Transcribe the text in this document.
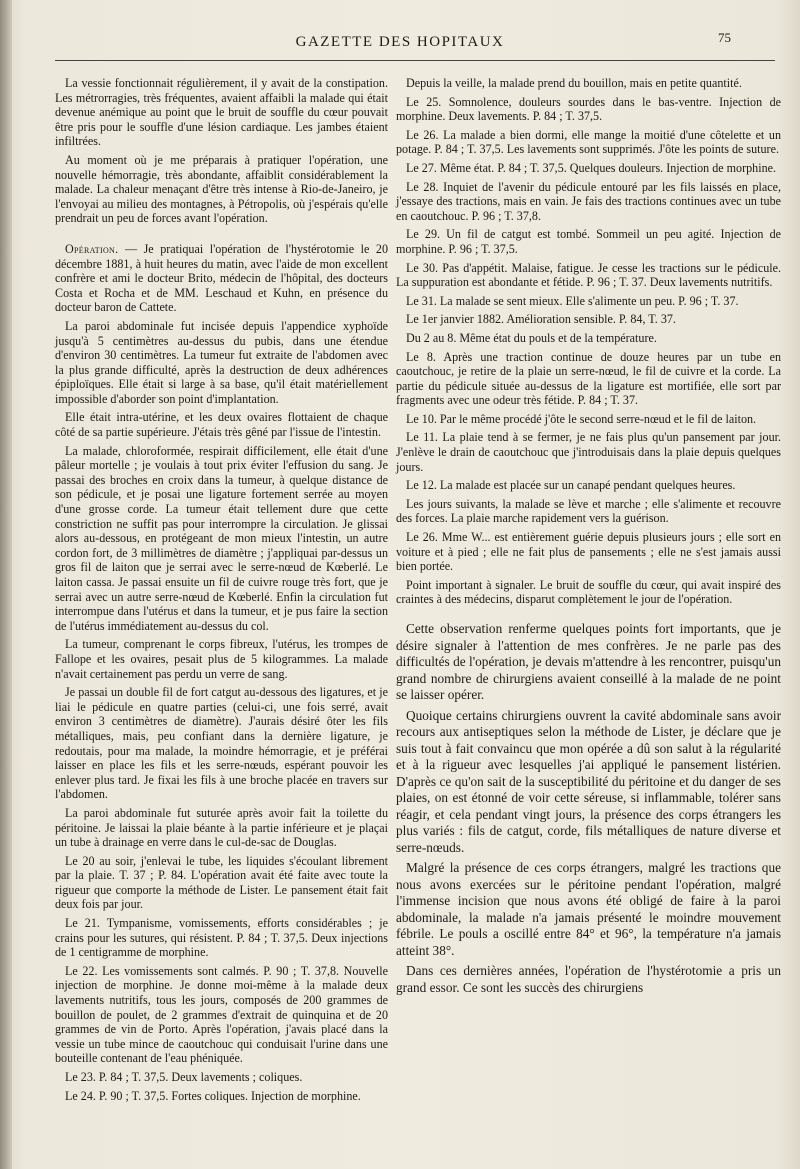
GAZETTE DES HOPITAUX	75

La vessie fonctionnait régulièrement, il y avait de la constipation. Les métrorragies, très fréquentes, avaient affaibli la malade qui était devenue anémique au point que le bruit de souffle du cœur pouvait être pris pour le souffle d'une lésion cardiaque. Les jambes étaient infiltrées.

Au moment où je me préparais à pratiquer l'opération, une nouvelle hémorragie, très abondante, affaiblit considérablement la malade. La chaleur menaçant d'être très intense à Rio-de-Janeiro, je l'envoyai au milieu des montagnes, à Pétropolis, où j'espérais qu'elle prendrait un peu de forces avant l'opération.

Opération. — Je pratiquai l'opération de l'hystérotomie le 20 décembre 1881, à huit heures du matin, avec l'aide de mon excellent confrère et ami le docteur Brito, médecin de l'hôpital, des docteurs Costa et Rocha et de MM. Leschaud et Kuhn, en présence du docteur baron de Cattete.

La paroi abdominale fut incisée depuis l'appendice xyphoïde jusqu'à 5 centimètres au-dessus du pubis, dans une étendue d'environ 30 centimètres. La tumeur fut extraite de l'abdomen avec la plus grande difficulté, après la destruction de deux adhérences épiploïques. Elle était si large à sa base, qu'il était matériellement impossible d'aborder son point d'implantation.

Elle était intra-utérine, et les deux ovaires flottaient de chaque côté de sa partie supérieure. J'étais très gêné par l'issue de l'intestin.

La malade, chloroformée, respirait difficilement, elle était d'une pâleur mortelle ; je voulais à tout prix éviter l'effusion du sang. Je passai des broches en croix dans la tumeur, à quelque distance de son pédicule, et je posai une ligature fortement serrée au moyen d'une grosse corde. La tumeur était tellement dure que cette constriction ne suffit pas pour interrompre la circulation. Je glissai alors au-dessous, en protégeant de mon mieux l'intestin, un autre cordon fort, de 3 millimètres de diamètre ; j'appliquai par-dessus un gros fil de laiton que je serrai avec le serre-nœud de Kœberlé. Le laiton cassa. Je passai ensuite un fil de cuivre rouge très fort, que je serrai avec un autre serre-nœud de Kœberlé. Enfin la circulation fut interrompue dans l'utérus et dans la tumeur, et je pus faire la section de l'utérus immédiatement au-dessus du col.

La tumeur, comprenant le corps fibreux, l'utérus, les trompes de Fallope et les ovaires, pesait plus de 5 kilogrammes. La malade n'avait certainement pas perdu un verre de sang.

Je passai un double fil de fort catgut au-dessous des ligatures, et je liai le pédicule en quatre parties (celui-ci, une fois serré, avait environ 3 centimètres de diamètre). J'aurais désiré ôter les fils métalliques, mais, peu confiant dans la dernière ligature, je redoutais, pour ma malade, la moindre hémorragie, et je préférai laisser en place les fils et les serre-nœuds, espérant pouvoir les enlever plus tard. Je fixai les fils à une broche placée en travers sur l'abdomen.

La paroi abdominale fut suturée après avoir fait la toilette du péritoine. Je laissai la plaie béante à la partie inférieure et je plaçai un tube à drainage en verre dans le cul-de-sac de Douglas.

Le 20 au soir, j'enlevai le tube, les liquides s'écoulant librement par la plaie. T. 37 ; P. 84. L'opération avait été faite avec toute la rigueur que comporte la méthode de Lister. Le pansement était fait deux fois par jour.

Le 21. Tympanisme, vomissements, efforts considérables ; je crains pour les sutures, qui résistent. P. 84 ; T. 37,5. Deux injections de 1 centigramme de morphine.

Le 22. Les vomissements sont calmés. P. 90 ; T. 37,8. Nouvelle injection de morphine. Je donne moi-même à la malade deux lavements nutritifs, tous les jours, composés de 200 grammes de bouillon de poulet, de 2 grammes d'extrait de quinquina et de 20 grammes de vin de Porto. Après l'opération, j'avais placé dans la vessie un tube mince de caoutchouc qui conduisait l'urine dans une bouteille contenant de l'eau phéniquée.

Le 23. P. 84 ; T. 37,5. Deux lavements ; coliques.

Le 24. P. 90 ; T. 37,5. Fortes coliques. Injection de morphine.

Depuis la veille, la malade prend du bouillon, mais en petite quantité.

Le 25. Somnolence, douleurs sourdes dans le bas-ventre. Injection de morphine. Deux lavements. P. 84 ; T. 37,5.

Le 26. La malade a bien dormi, elle mange la moitié d'une côtelette et un potage. P. 84 ; T. 37,5. Les lavements sont supprimés. J'ôte les points de suture.

Le 27. Même état. P. 84 ; T. 37,5. Quelques douleurs. Injection de morphine.

Le 28. Inquiet de l'avenir du pédicule entouré par les fils laissés en place, j'essaye des tractions, mais en vain. Je fais des tractions continues avec un tube en caoutchouc. P. 96 ; T. 37,8.

Le 29. Un fil de catgut est tombé. Sommeil un peu agité. Injection de morphine. P. 96 ; T. 37,5.

Le 30. Pas d'appétit. Malaise, fatigue. Je cesse les tractions sur le pédicule. La suppuration est abondante et fétide. P. 96 ; T. 37. Deux lavements nutritifs.

Le 31. La malade se sent mieux. Elle s'alimente un peu. P. 96 ; T. 37.

Le 1er janvier 1882. Amélioration sensible. P. 84, T. 37.

Du 2 au 8. Même état du pouls et de la température.

Le 8. Après une traction continue de douze heures par un tube en caoutchouc, je retire de la plaie un serre-nœud, le fil de cuivre et la corde. La partie du pédicule située au-dessus de la ligature est mortifiée, elle sort par fragments avec une odeur très fétide. P. 84 ; T. 37.

Le 10. Par le même procédé j'ôte le second serre-nœud et le fil de laiton.

Le 11. La plaie tend à se fermer, je ne fais plus qu'un pansement par jour. J'enlève le drain de caoutchouc que j'introduisais dans la plaie depuis quelques jours.

Le 12. La malade est placée sur un canapé pendant quelques heures.

Les jours suivants, la malade se lève et marche ; elle s'alimente et recouvre des forces. La plaie marche rapidement vers la guérison.

Le 26. Mme W... est entièrement guérie depuis plusieurs jours ; elle sort en voiture et à pied ; elle ne fait plus de pansements ; elle ne s'est jamais aussi bien portée.

Point important à signaler. Le bruit de souffle du cœur, qui avait inspiré des craintes à des médecins, disparut complètement le jour de l'opération.

Cette observation renferme quelques points fort importants, que je désire signaler à l'attention de mes confrères. Je ne parle pas des difficultés de l'opération, je devais m'attendre à les rencontrer, puisqu'un grand nombre de chirurgiens avaient conseillé à la malade de ne point se laisser opérer.

Quoique certains chirurgiens ouvrent la cavité abdominale sans avoir recours aux antiseptiques selon la méthode de Lister, je déclare que je suis tout à fait convaincu que mon opérée a dû son salut à la régularité et à la rigueur avec lesquelles j'ai appliqué le pansement listérien. D'après ce qu'on sait de la susceptibilité du péritoine et du danger de ses plaies, on est étonné de voir cette séreuse, si inflammable, tolérer sans réagir, et cela pendant vingt jours, la présence des corps étrangers les plus variés : fils de catgut, corde, fils métalliques de nature diverse et serre-nœuds.

Malgré la présence de ces corps étrangers, malgré les tractions que nous avons exercées sur le péritoine pendant l'opération, malgré l'immense incision que nous avons été obligé de faire à la paroi abdominale, la malade n'a jamais présenté le moindre mouvement fébrile. Le pouls a oscillé entre 84° et 96°, la température n'a jamais atteint 38°.

Dans ces dernières années, l'opération de l'hystérotomie a pris un grand essor. Ce sont les succès des chirurgiens
